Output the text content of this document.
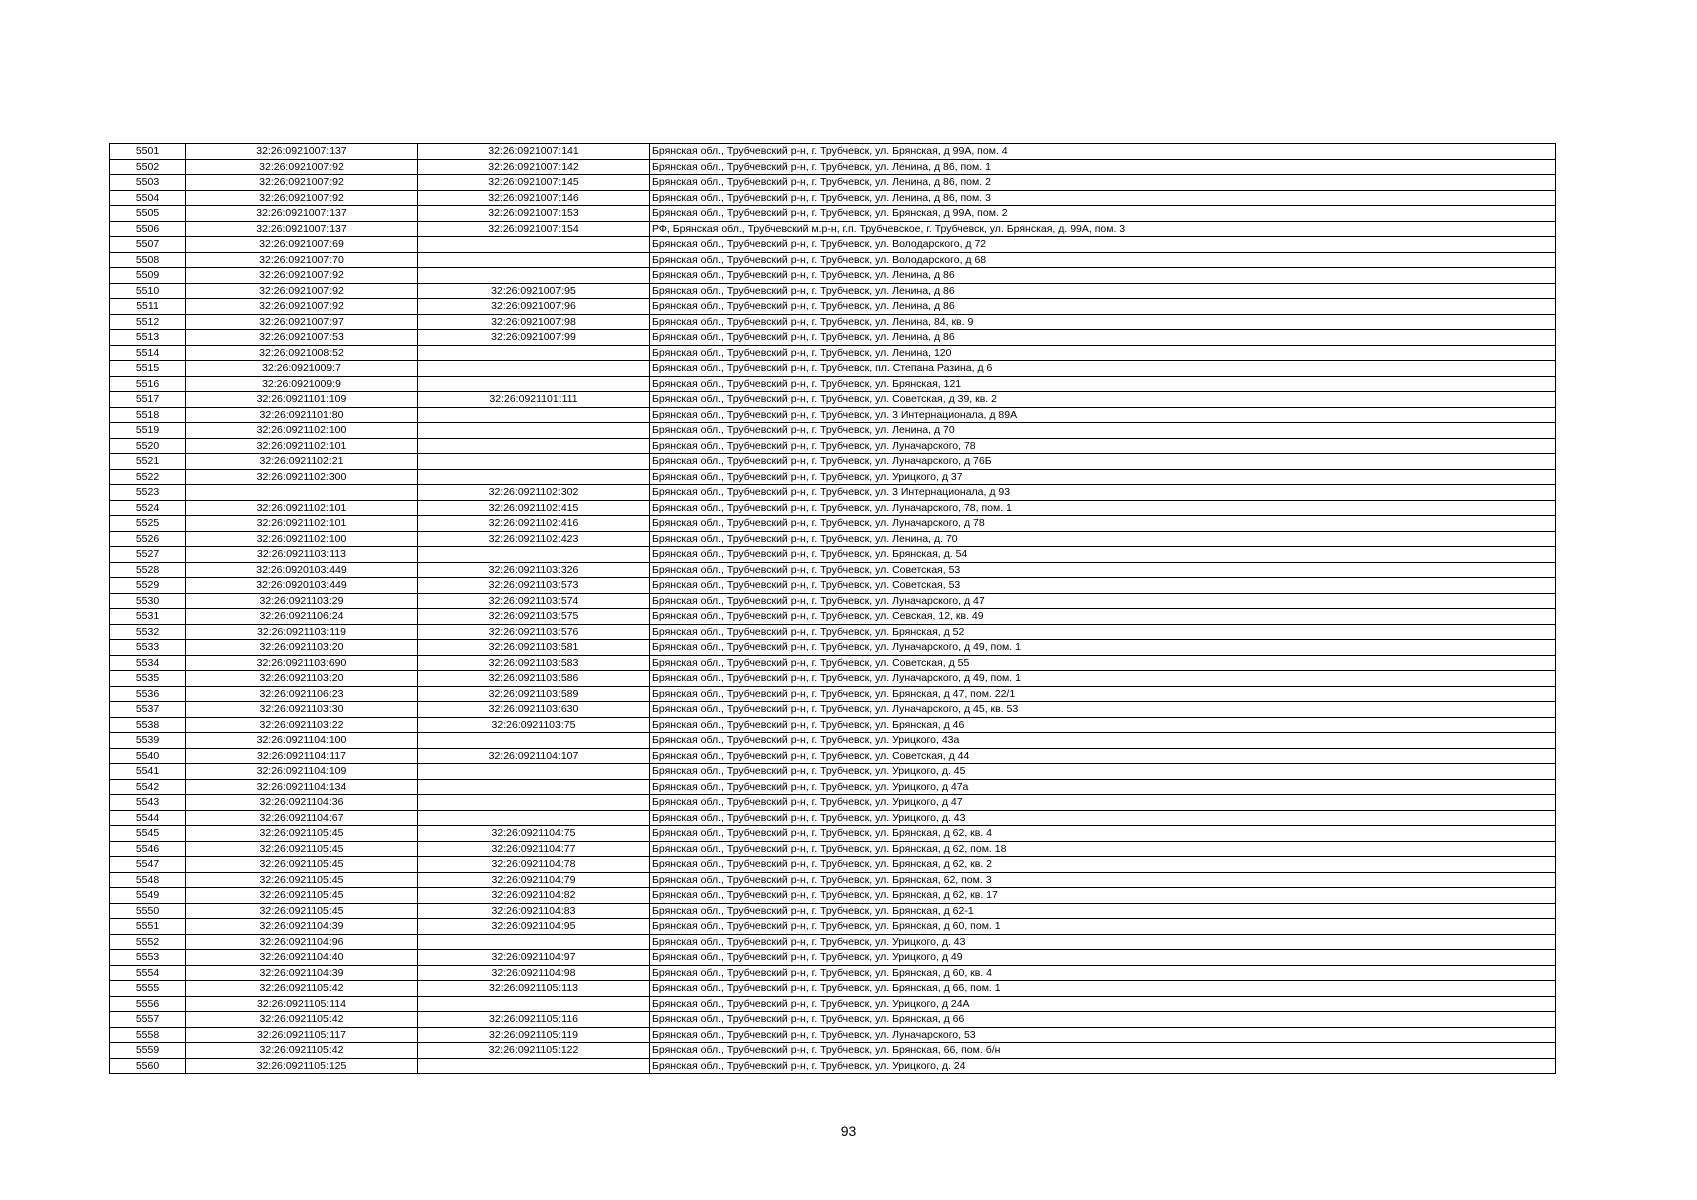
5501	32:26:0921007:137	32:26:0921007:141	Брянская обл., Трубчевский р-н, г. Трубчевск, ул. Брянская, д 99А, пом. 4
5502	32:26:0921007:92	32:26:0921007:142	Брянская обл., Трубчевский р-н, г. Трубчевск, ул. Ленина, д 86, пом. 1
5503	32:26:0921007:92	32:26:0921007:145	Брянская обл., Трубчевский р-н, г. Трубчевск, ул. Ленина, д 86, пом. 2
5504	32:26:0921007:92	32:26:0921007:146	Брянская обл., Трубчевский р-н, г. Трубчевск, ул. Ленина, д 86, пом. 3
5505	32:26:0921007:137	32:26:0921007:153	Брянская обл., Трубчевский р-н, г. Трубчевск, ул. Брянская, д 99А, пом. 2
5506	32:26:0921007:137	32:26:0921007:154	РФ, Брянская обл., Трубчевский м.р-н, г.п. Трубчевское, г. Трубчевск, ул. Брянская, д. 99А, пом. 3
5507	32:26:0921007:69		Брянская обл., Трубчевский р-н, г. Трубчевск, ул. Володарского, д 72
5508	32:26:0921007:70		Брянская обл., Трубчевский р-н, г. Трубчевск, ул. Володарского, д 68
5509	32:26:0921007:92		Брянская обл., Трубчевский р-н, г. Трубчевск, ул. Ленина, д 86
5510	32:26:0921007:92	32:26:0921007:95	Брянская обл., Трубчевский р-н, г. Трубчевск, ул. Ленина, д 86
5511	32:26:0921007:92	32:26:0921007:96	Брянская обл., Трубчевский р-н, г. Трубчевск, ул. Ленина, д 86
5512	32:26:0921007:97	32:26:0921007:98	Брянская обл., Трубчевский р-н, г. Трубчевск, ул. Ленина, 84, кв. 9
5513	32:26:0921007:53	32:26:0921007:99	Брянская обл., Трубчевский р-н, г. Трубчевск, ул. Ленина, д 86
5514	32:26:0921008:52		Брянская обл., Трубчевский р-н, г. Трубчевск, ул. Ленина, 120
5515	32:26:0921009:7		Брянская обл., Трубчевский р-н, г. Трубчевск, пл. Степана Разина, д 6
5516	32:26:0921009:9		Брянская обл., Трубчевский р-н, г. Трубчевск, ул. Брянская, 121
5517	32:26:0921101:109	32:26:0921101:111	Брянская обл., Трубчевский р-н, г. Трубчевск, ул. Советская, д 39, кв. 2
5518	32:26:0921101:80		Брянская обл., Трубчевский р-н, г. Трубчевск, ул. 3 Интернационала, д 89А
5519	32:26:0921102:100		Брянская обл., Трубчевский р-н, г. Трубчевск, ул. Ленина, д 70
5520	32:26:0921102:101		Брянская обл., Трубчевский р-н, г. Трубчевск, ул. Луначарского, 78
5521	32:26:0921102:21		Брянская обл., Трубчевский р-н, г. Трубчевск, ул. Луначарского, д 76Б
5522	32:26:0921102:300		Брянская обл., Трубчевский р-н, г. Трубчевск, ул. Урицкого, д 37
5523		32:26:0921102:302	Брянская обл., Трубчевский р-н, г. Трубчевск, ул. 3 Интернационала, д 93
5524	32:26:0921102:101	32:26:0921102:415	Брянская обл., Трубчевский р-н, г. Трубчевск, ул. Луначарского, 78, пом. 1
5525	32:26:0921102:101	32:26:0921102:416	Брянская обл., Трубчевский р-н, г. Трубчевск, ул. Луначарского, д 78
5526	32:26:0921102:100	32:26:0921102:423	Брянская обл., Трубчевский р-н, г. Трубчевск, ул. Ленина, д. 70
5527	32:26:0921103:113		Брянская обл., Трубчевский р-н, г. Трубчевск, ул. Брянская, д. 54
5528	32:26:0920103:449	32:26:0921103:326	Брянская обл., Трубчевский р-н, г. Трубчевск, ул. Советская, 53
5529	32:26:0920103:449	32:26:0921103:573	Брянская обл., Трубчевский р-н, г. Трубчевск, ул. Советская, 53
5530	32:26:0921103:29	32:26:0921103:574	Брянская обл., Трубчевский р-н, г. Трубчевск, ул. Луначарского, д 47
5531	32:26:0921106:24	32:26:0921103:575	Брянская обл., Трубчевский р-н, г. Трубчевск, ул. Севская, 12, кв. 49
5532	32:26:0921103:119	32:26:0921103:576	Брянская обл., Трубчевский р-н, г. Трубчевск, ул. Брянская, д 52
5533	32:26:0921103:20	32:26:0921103:581	Брянская обл., Трубчевский р-н, г. Трубчевск, ул. Луначарского, д 49, пом. 1
5534	32:26:0921103:690	32:26:0921103:583	Брянская обл., Трубчевский р-н, г. Трубчевск, ул. Советская, д 55
5535	32:26:0921103:20	32:26:0921103:586	Брянская обл., Трубчевский р-н, г. Трубчевск, ул. Луначарского, д 49, пом. 1
5536	32:26:0921106:23	32:26:0921103:589	Брянская обл., Трубчевский р-н, г. Трубчевск, ул. Брянская, д 47, пом. 22/1
5537	32:26:0921103:30	32:26:0921103:630	Брянская обл., Трубчевский р-н, г. Трубчевск, ул. Луначарского, д 45, кв. 53
5538	32:26:0921103:22	32:26:0921103:75	Брянская обл., Трубчевский р-н, г. Трубчевск, ул. Брянская, д 46
5539	32:26:0921104:100		Брянская обл., Трубчевский р-н, г. Трубчевск, ул. Урицкого, 43а
5540	32:26:0921104:117	32:26:0921104:107	Брянская обл., Трубчевский р-н, г. Трубчевск, ул. Советская, д 44
5541	32:26:0921104:109		Брянская обл., Трубчевский р-н, г. Трубчевск, ул. Урицкого, д. 45
5542	32:26:0921104:134		Брянская обл., Трубчевский р-н, г. Трубчевск, ул. Урицкого, д 47а
5543	32:26:0921104:36		Брянская обл., Трубчевский р-н, г. Трубчевск, ул. Урицкого, д 47
5544	32:26:0921104:67		Брянская обл., Трубчевский р-н, г. Трубчевск, ул. Урицкого, д. 43
5545	32:26:0921105:45	32:26:0921104:75	Брянская обл., Трубчевский р-н, г. Трубчевск, ул. Брянская, д 62, кв. 4
5546	32:26:0921105:45	32:26:0921104:77	Брянская обл., Трубчевский р-н, г. Трубчевск, ул. Брянская, д 62, пом. 18
5547	32:26:0921105:45	32:26:0921104:78	Брянская обл., Трубчевский р-н, г. Трубчевск, ул. Брянская, д 62, кв. 2
5548	32:26:0921105:45	32:26:0921104:79	Брянская обл., Трубчевский р-н, г. Трубчевск, ул. Брянская, 62, пом. 3
5549	32:26:0921105:45	32:26:0921104:82	Брянская обл., Трубчевский р-н, г. Трубчевск, ул. Брянская, д 62, кв. 17
5550	32:26:0921105:45	32:26:0921104:83	Брянская обл., Трубчевский р-н, г. Трубчевск, ул. Брянская, д 62-1
5551	32:26:0921104:39	32:26:0921104:95	Брянская обл., Трубчевский р-н, г. Трубчевск, ул. Брянская, д 60, пом. 1
5552	32:26:0921104:96		Брянская обл., Трубчевский р-н, г. Трубчевск, ул. Урицкого, д. 43
5553	32:26:0921104:40	32:26:0921104:97	Брянская обл., Трубчевский р-н, г. Трубчевск, ул. Урицкого, д 49
5554	32:26:0921104:39	32:26:0921104:98	Брянская обл., Трубчевский р-н, г. Трубчевск, ул. Брянская, д 60, кв. 4
5555	32:26:0921105:42	32:26:0921105:113	Брянская обл., Трубчевский р-н, г. Трубчевск, ул. Брянская, д 66, пом. 1
5556	32:26:0921105:114		Брянская обл., Трубчевский р-н, г. Трубчевск, ул. Урицкого, д 24А
5557	32:26:0921105:42	32:26:0921105:116	Брянская обл., Трубчевский р-н, г. Трубчевск, ул. Брянская, д 66
5558	32:26:0921105:117	32:26:0921105:119	Брянская обл., Трубчевский р-н, г. Трубчевск, ул. Луначарского, 53
5559	32:26:0921105:42	32:26:0921105:122	Брянская обл., Трубчевский р-н, г. Трубчевск, ул. Брянская, 66, пом. б/н
5560	32:26:0921105:125		Брянская обл., Трубчевский р-н, г. Трубчевск, ул. Урицкого, д. 24
93
